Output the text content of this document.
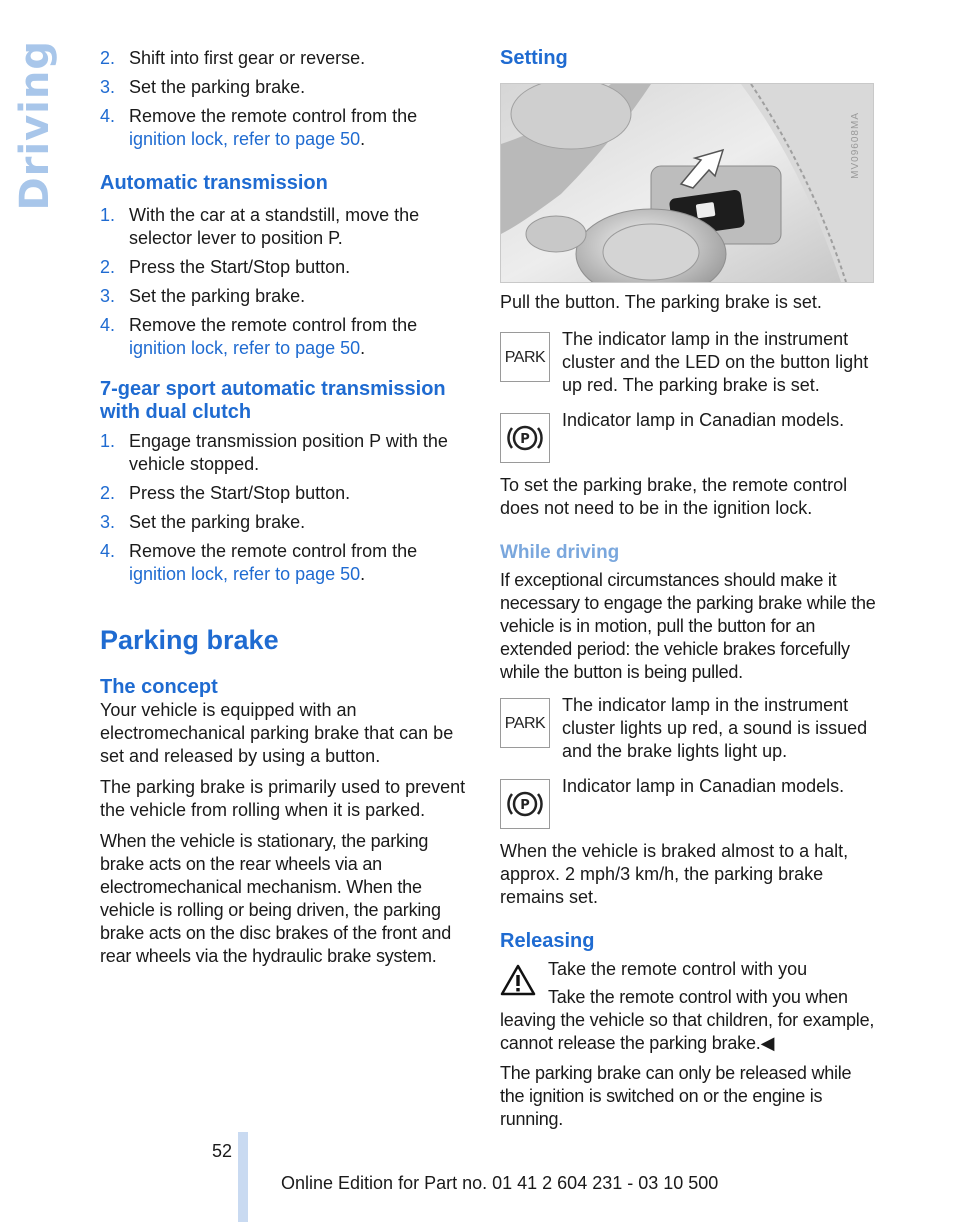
Driving 2. Shift into first gear or reverse.
3. Set the parking brake.
4. Remove the remote control from the ignition lock, refer to page 50.
Automatic transmission
1. With the car at a standstill, move the selector lever to position P.
2. Press the Start/Stop button.
3. Set the parking brake.
4. Remove the remote control from the ignition lock, refer to page 50.
7-gear sport automatic transmission with dual clutch
1. Engage transmission position P with the vehicle stopped.
2. Press the Start/Stop button.
3. Set the parking brake.
4. Remove the remote control from the ignition lock, refer to page 50.
Parking brake
The concept

Your vehicle is equipped with an electromechanical parking brake that can be set and released by using a button.

The parking brake is primarily used to prevent the vehicle from rolling when it is parked.

When the vehicle is stationary, the parking brake acts on the rear wheels via an electromechanical mechanism. When the vehicle is rolling or being driven, the parking brake acts on the disc brakes of the front and rear wheels via the hydraulic brake system.

Setting
MV09608MA

Pull the button. The parking brake is set.

PARK

The indicator lamp in the instrument cluster and the LED on the button light up red. The parking brake is set.

P

Indicator lamp in Canadian models.

To set the parking brake, the remote control does not need to be in the ignition lock.

While driving

If exceptional circumstances should make it necessary to engage the parking brake while the vehicle is in motion, pull the button for an extended period: the vehicle brakes forcefully while the button is being pulled.

PARK

The indicator lamp in the instrument cluster lights up red, a sound is issued and the brake lights light up.

P

Indicator lamp in Canadian models.

When the vehicle is braked almost to a halt, approx. 2 mph/3 km/h, the parking brake remains set.

Releasing
Take the remote control with you
Take the remote control with you when leaving the vehicle so that children, for example, cannot release the parking brake.◀

The parking brake can only be released while the ignition is switched on or the engine is running.

52
Online Edition for Part no. 01 41 2 604 231 - 03 10 500
